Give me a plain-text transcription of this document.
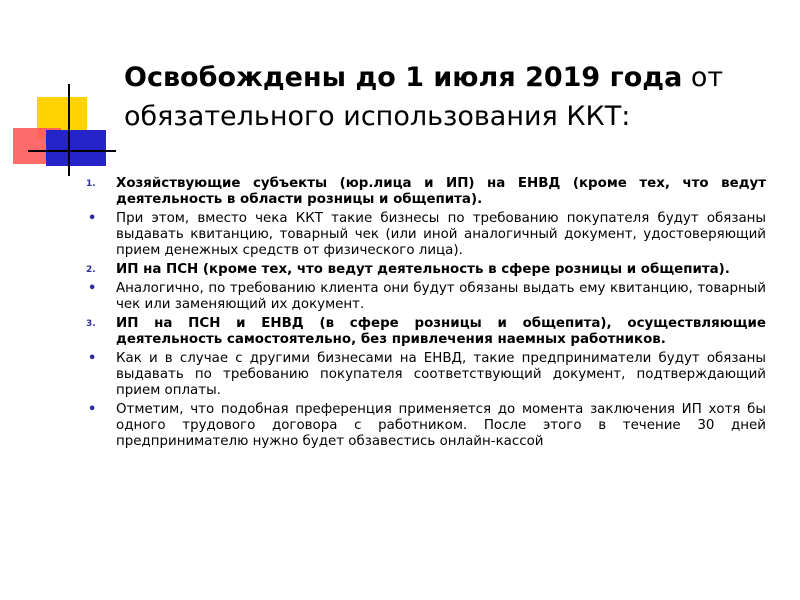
Освобождены до 1 июля 2019 года от обязательного использования ККТ:
1. Хозяйствующие субъекты (юр.лица и ИП) на ЕНВД (кроме тех, что ведут деятельность в области розницы и общепита).
• При этом, вместо чека ККТ такие бизнесы по требованию покупателя будут обязаны выдавать квитанцию, товарный чек (или иной аналогичный документ, удостоверяющий прием денежных средств от физического лица).
2. ИП на ПСН (кроме тех, что ведут деятельность в сфере розницы и общепита).
• Аналогично, по требованию клиента они будут обязаны выдать ему квитанцию, товарный чек или заменяющий их документ.
3. ИП на ПСН и ЕНВД (в сфере розницы и общепита), осуществляющие деятельность самостоятельно, без привлечения наемных работников.
• Как и в случае с другими бизнесами на ЕНВД, такие предприниматели будут обязаны выдавать по требованию покупателя соответствующий документ, подтверждающий прием оплаты.
• Отметим, что подобная преференция применяется до момента заключения ИП хотя бы одного трудового договора с работником. После этого в течение 30 дней предпринимателю нужно будет обзавестись онлайн-кассой
